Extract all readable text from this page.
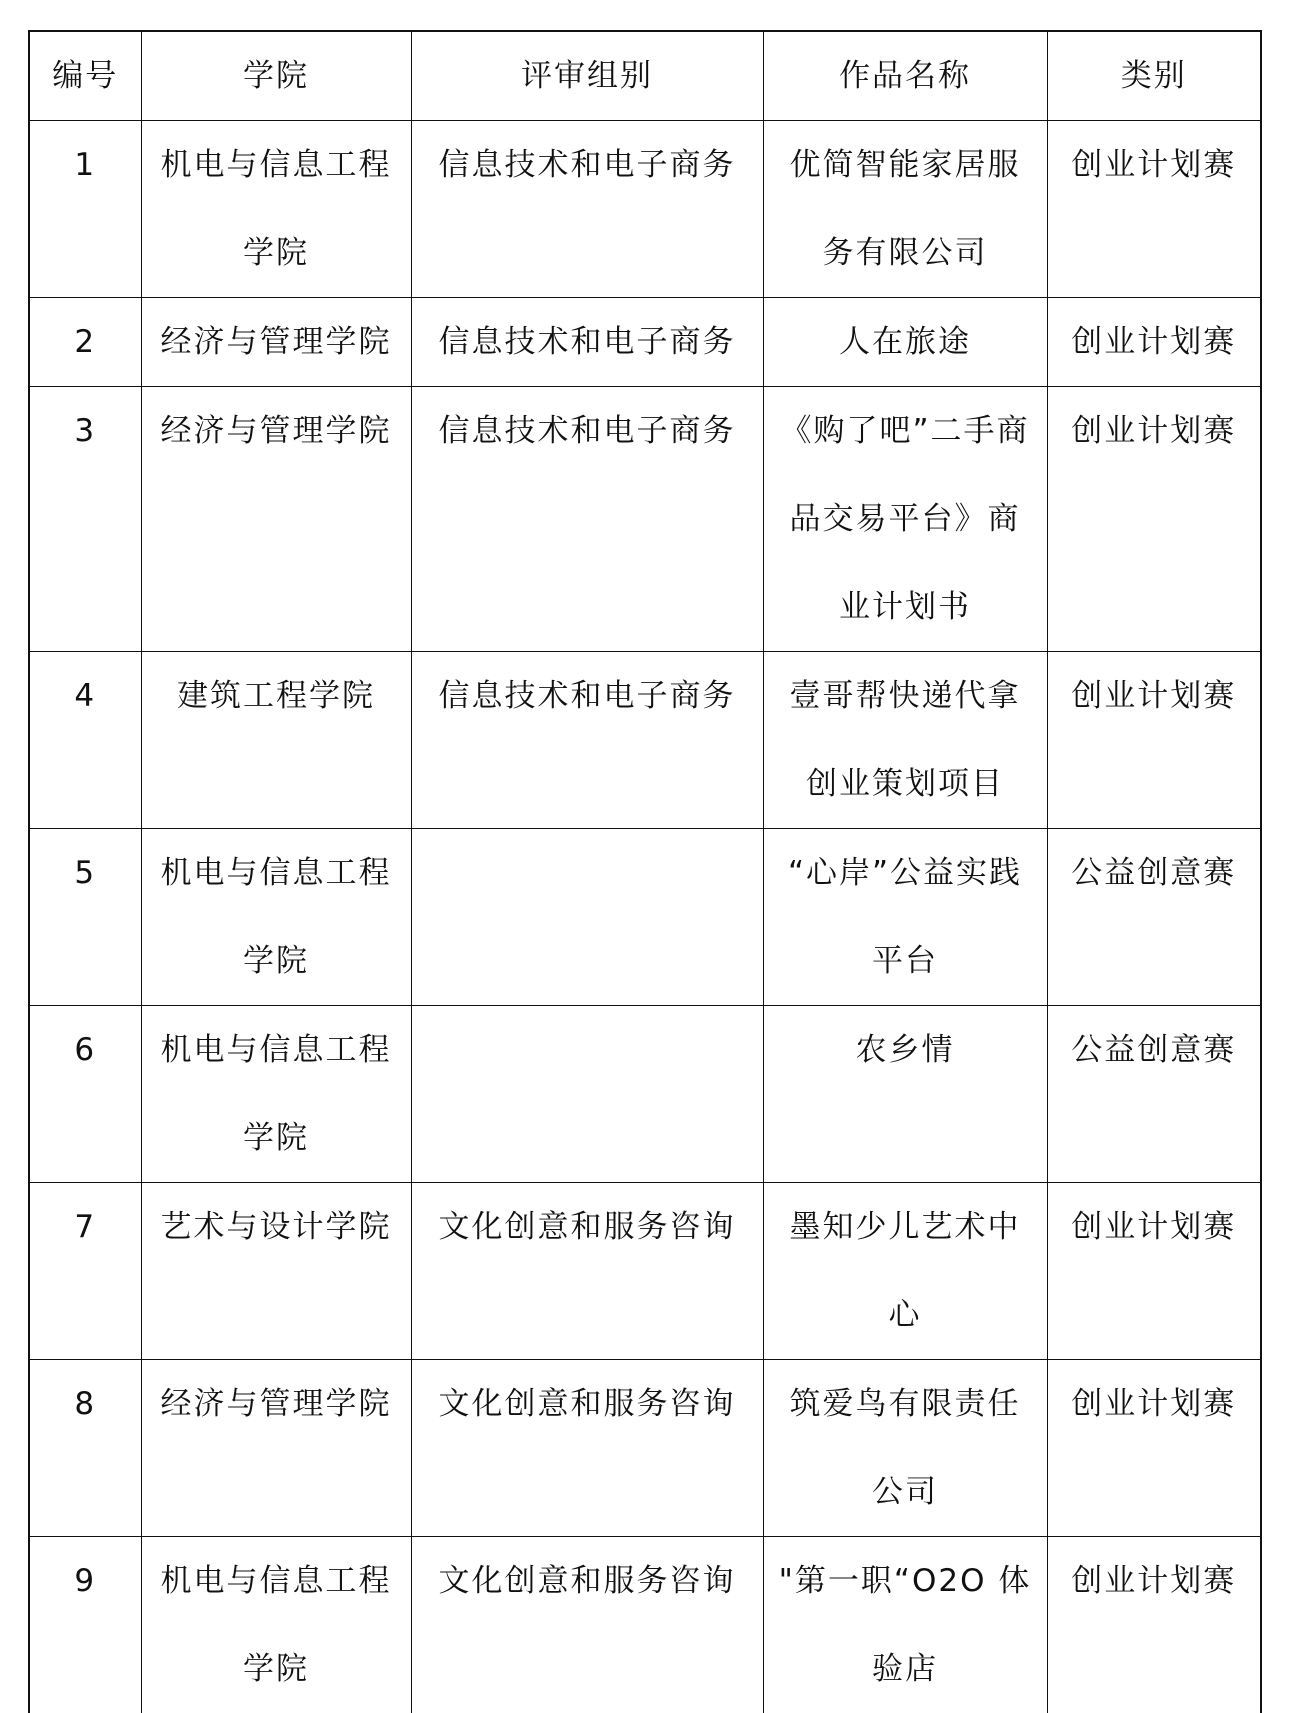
编号	学院	评审组别	作品名称	类别
1	机电与信息工程学院	信息技术和电子商务	优简智能家居服务有限公司	创业计划赛
2	经济与管理学院	信息技术和电子商务	人在旅途	创业计划赛
3	经济与管理学院	信息技术和电子商务	《购了吧”二手商品交易平台》商业计划书	创业计划赛
4	建筑工程学院	信息技术和电子商务	壹哥帮快递代拿创业策划项目	创业计划赛
5	机电与信息工程学院		“心岸”公益实践平台	公益创意赛
6	机电与信息工程学院		农乡情	公益创意赛
7	艺术与设计学院	文化创意和服务咨询	墨知少儿艺术中心	创业计划赛
8	经济与管理学院	文化创意和服务咨询	筑爱鸟有限责任公司	创业计划赛
9	机电与信息工程学院	文化创意和服务咨询	"第一职“O2O 体验店	创业计划赛
